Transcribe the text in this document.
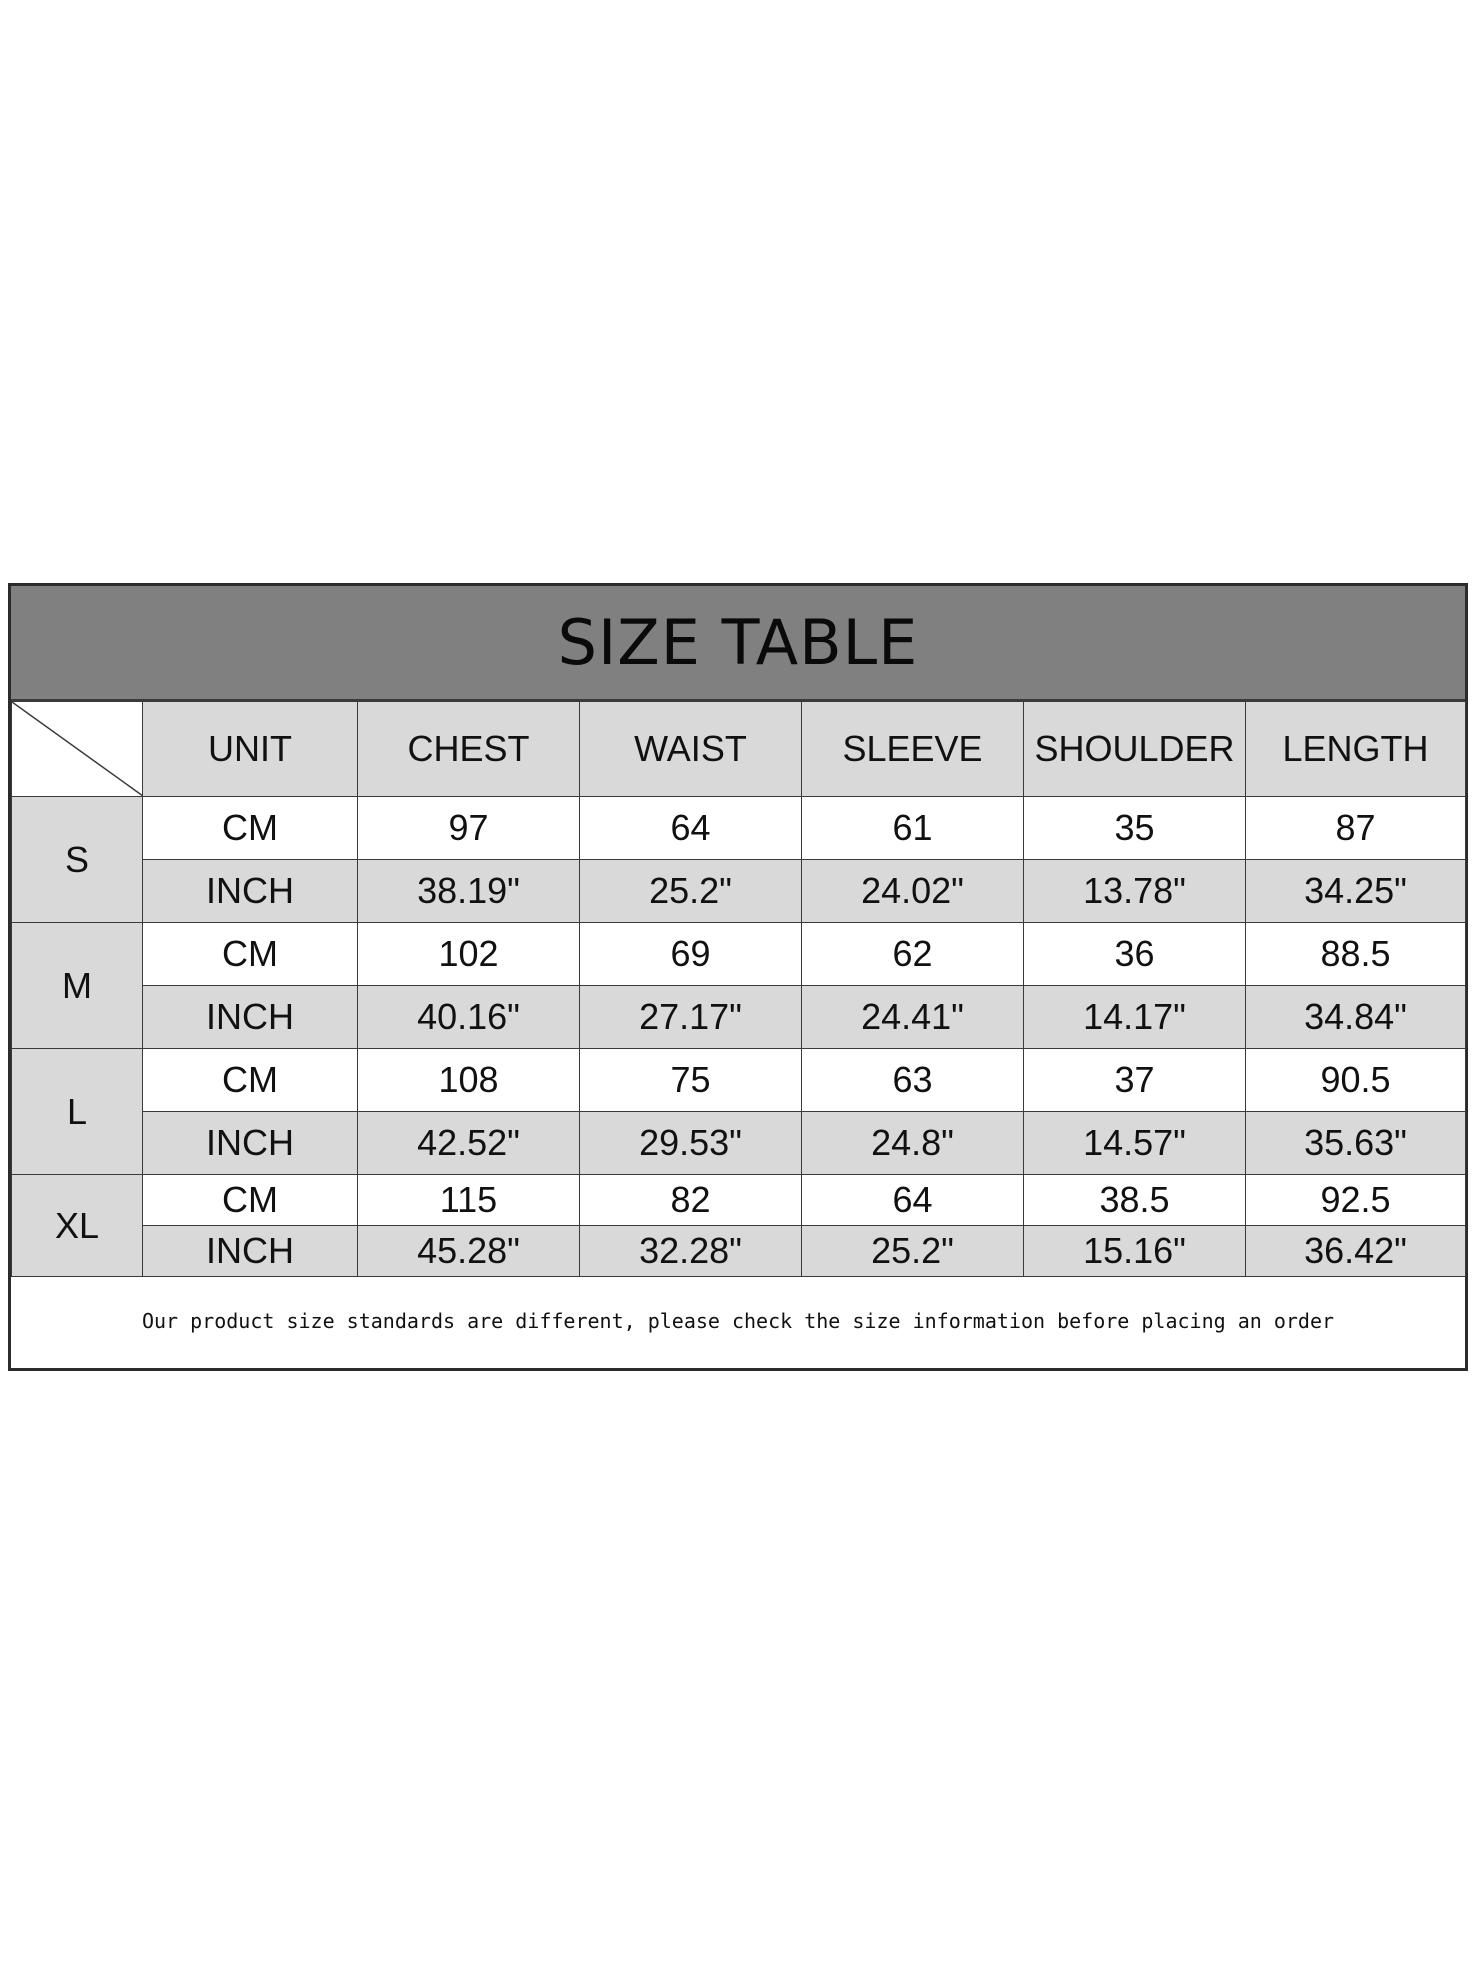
SIZE TABLE
	UNIT	CHEST	WAIST	SLEEVE	SHOULDER	LENGTH
S	CM	97	64	61	35	87
	INCH	38.19"	25.2"	24.02"	13.78"	34.25"
M	CM	102	69	62	36	88.5
	INCH	40.16"	27.17"	24.41"	14.17"	34.84"
L	CM	108	75	63	37	90.5
	INCH	42.52"	29.53"	24.8"	14.57"	35.63"
XL	CM	115	82	64	38.5	92.5
	INCH	45.28"	32.28"	25.2"	15.16"	36.42"
Our product size standards are different, please check the size information before placing an order
